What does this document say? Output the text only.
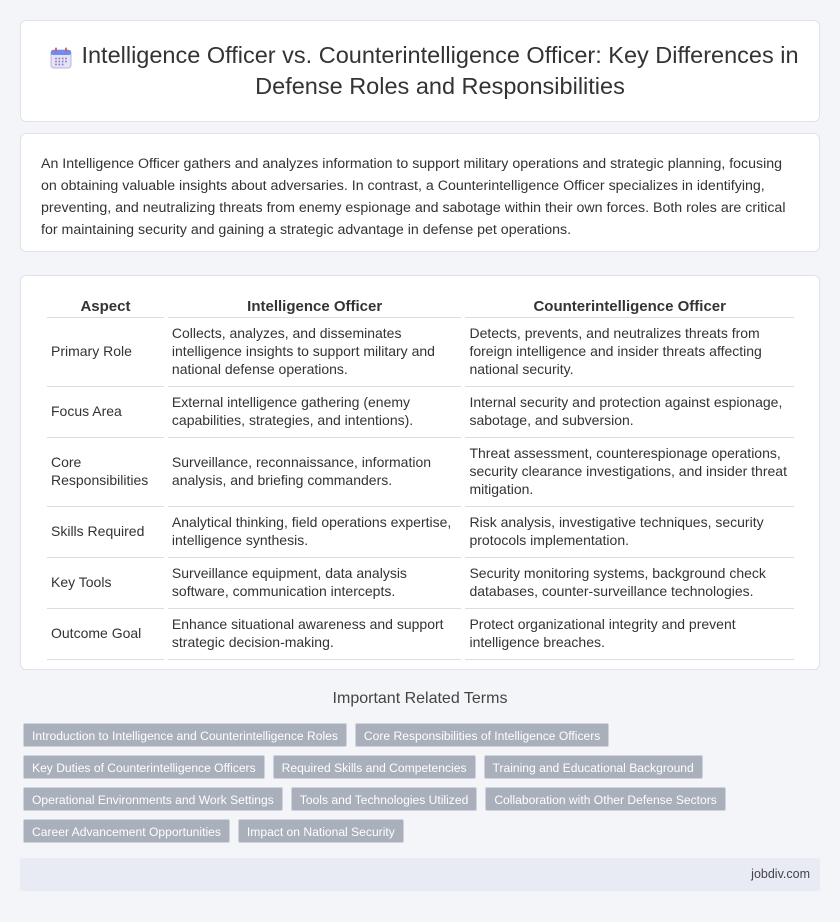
Intelligence Officer vs. Counterintelligence Officer: Key Differences in Defense Roles and Responsibilities

An Intelligence Officer gathers and analyzes information to support military operations and strategic planning, focusing on obtaining valuable insights about adversaries. In contrast, a Counterintelligence Officer specializes in identifying, preventing, and neutralizing threats from enemy espionage and sabotage within their own forces. Both roles are critical for maintaining security and gaining a strategic advantage in defense pet operations.

Aspect	Intelligence Officer	Counterintelligence Officer
Primary Role	Collects, analyzes, and disseminates intelligence insights to support military and national defense operations.	Detects, prevents, and neutralizes threats from foreign intelligence and insider threats affecting national security.
Focus Area	External intelligence gathering (enemy capabilities, strategies, and intentions).	Internal security and protection against espionage, sabotage, and subversion.
Core Responsibilities	Surveillance, reconnaissance, information analysis, and briefing commanders.	Threat assessment, counterespionage operations, security clearance investigations, and insider threat mitigation.
Skills Required	Analytical thinking, field operations expertise, intelligence synthesis.	Risk analysis, investigative techniques, security protocols implementation.
Key Tools	Surveillance equipment, data analysis software, communication intercepts.	Security monitoring systems, background check databases, counter-surveillance technologies.
Outcome Goal	Enhance situational awareness and support strategic decision-making.	Protect organizational integrity and prevent intelligence breaches.
Important Related Terms
Introduction to Intelligence and Counterintelligence Roles	Core Responsibilities of Intelligence Officers
Key Duties of Counterintelligence Officers	Required Skills and Competencies	Training and Educational Background
Operational Environments and Work Settings	Tools and Technologies Utilized	Collaboration with Other Defense Sectors
Career Advancement Opportunities	Impact on National Security
jobdiv.com
